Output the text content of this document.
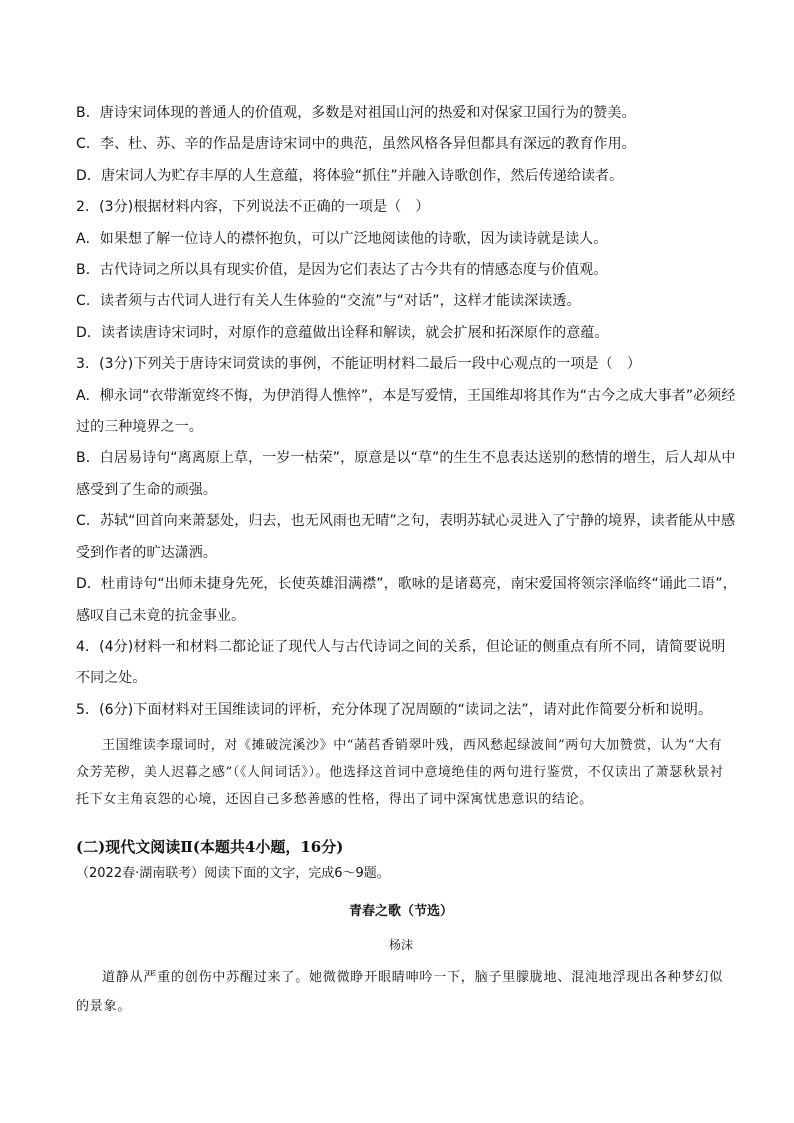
B．唐诗宋词体现的普通人的价值观，多数是对祖国山河的热爱和对保家卫国行为的赞美。
C．李、杜、苏、辛的作品是唐诗宋词中的典范，虽然风格各异但都具有深远的教育作用。
D．唐宋词人为贮存丰厚的人生意蕴，将体验“抓住”并融入诗歌创作，然后传递给读者。
2．(3分)根据材料内容，下列说法不正确的一项是（　）
A．如果想了解一位诗人的襟怀抱负，可以广泛地阅读他的诗歌，因为读诗就是读人。
B．古代诗词之所以具有现实价值，是因为它们表达了古今共有的情感态度与价值观。
C．读者须与古代词人进行有关人生体验的“交流”与“对话”，这样才能读深读透。
D．读者读唐诗宋词时，对原作的意蕴做出诠释和解读，就会扩展和拓深原作的意蕴。
3．(3分)下列关于唐诗宋词赏读的事例，不能证明材料二最后一段中心观点的一项是（　）
A．柳永词“衣带渐宽终不悔，为伊消得人憔悴”，本是写爱情，王国维却将其作为“古今之成大事者”必须经
过的三种境界之一。
B．白居易诗句“离离原上草，一岁一枯荣”，原意是以“草”的生生不息表达送别的愁情的增生，后人却从中
感受到了生命的顽强。
C．苏轼“回首向来萧瑟处，归去，也无风雨也无晴”之句，表明苏轼心灵进入了宁静的境界，读者能从中感
受到作者的旷达潇洒。
D．杜甫诗句“出师未捷身先死，长使英雄泪满襟”，歌咏的是诸葛亮，南宋爱国将领宗泽临终“诵此二语”，
感叹自己未竟的抗金事业。
4．(4分)材料一和材料二都论证了现代人与古代诗词之间的关系，但论证的侧重点有所不同，请简要说明
不同之处。
5．(6分)下面材料对王国维读词的评析，充分体现了况周颐的“读词之法”，请对此作简要分析和说明。
王国维读李璟词时，对《摊破浣溪沙》中“菡萏香销翠叶残，西风愁起绿波间”两句大加赞赏，认为“大有众芳芜秽，美人迟暮之感”（《人间词话》）。他选择这首词中意境绝佳的两句进行鉴赏，不仅读出了萧瑟秋景衬托下女主角哀怨的心境，还因自己多愁善感的性格，得出了词中深寓忧患意识的结论。
(二)现代文阅读Ⅱ(本题共4小题，16分)
（2022春·湖南联考）阅读下面的文字，完成6～9题。
青春之歌（节选）
杨沫
道静从严重的创伤中苏醒过来了。她微微睁开眼睛呻吟一下，脑子里朦胧地、混沌地浮现出各种梦幻似的景象。
